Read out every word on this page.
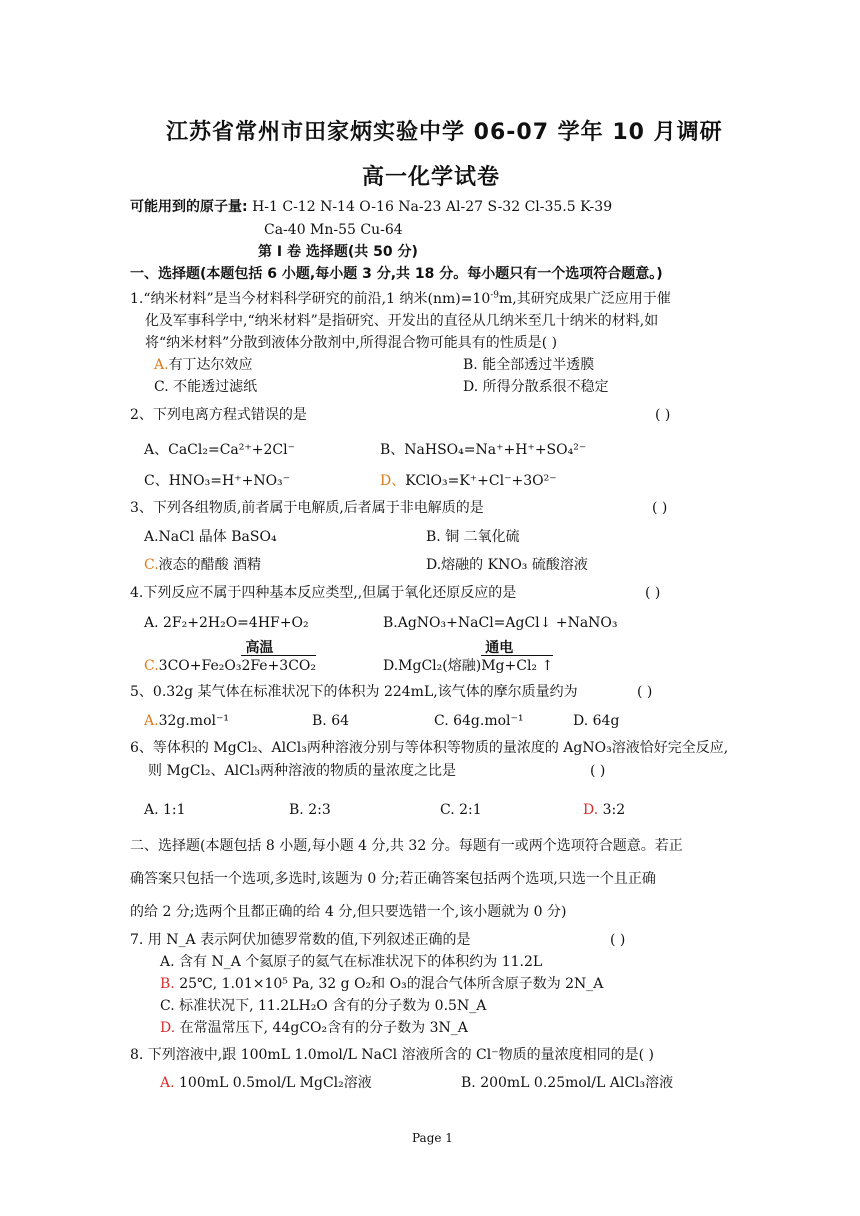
江苏省常州市田家炳实验中学 06-07 学年 10 月调研
高一化学试卷
可能用到的原子量: H-1 C-12 N-14 O-16 Na-23 Al-27 S-32 Cl-35.5 K-39
Ca-40 Mn-55 Cu-64
第 I 卷 选择题(共 50 分)
一、选择题(本题包括 6 小题,每小题 3 分,共 18 分。每小题只有一个选项符合题意。)
1.“纳米材料”是当今材料科学研究的前沿,1 纳米$(nm)=10^{-9}m$,其研究成果广泛应用于催
化及军事科学中,“纳米材料”是指研究、开发出的直径从几纳米至几十纳米的材料,如
将“纳米材料”分散到液体分散剂中,所得混合物可能具有的性质是( )
A.有丁达尔效应	B. 能全部透过半透膜
C. 不能透过滤纸	D. 所得分散系很不稳定
2、下列电离方程式错误的是	( )
A、CaCl₂=Ca²⁺+2Cl⁻	B、NaHSO₄=Na⁺+H⁺+SO₄²⁻
C、HNO₃=H⁺+NO₃⁻	D、KClO₃=K⁺+Cl⁻+3O²⁻
3、下列各组物质,前者属于电解质,后者属于非电解质的是	( )
A.NaCl 晶体 BaSO₄	B. 铜 二氧化硫
C.液态的醋酸 酒精	D.熔融的 KNO₃ 硫酸溶液
4.下列反应不属于四种基本反应类型,,但属于氧化还原反应的是	( )
A. 2F₂+2H₂O=4HF+O₂	B.AgNO₃+NaCl=AgCl↓ +NaNO₃
C.3CO+Fe₂O₃
高温
2Fe+3CO₂	D.MgCl₂(熔融)
通电
Mg+Cl₂ ↑
5、0.32g 某气体在标准状况下的体积为 224mL,该气体的摩尔质量约为	( )
A.32g.mol⁻¹	B. 64	C. 64g.mol⁻¹	D. 64g
6、等体积的 MgCl₂、AlCl₃两种溶液分别与等体积等物质的量浓度的 AgNO₃溶液恰好完全反应,
则 MgCl₂、AlCl₃两种溶液的物质的量浓度之比是	( )
A. 1:1	B. 2:3	C. 2:1	D. 3:2
二、选择题(本题包括 8 小题,每小题 4 分,共 32 分。每题有一或两个选项符合题意。若正
确答案只包括一个选项,多选时,该题为 0 分;若正确答案包括两个选项,只选一个且正确
的给 2 分;选两个且都正确的给 4 分,但只要选错一个,该小题就为 0 分)
7. 用 N_A 表示阿伏加德罗常数的值,下列叙述正确的是	( )
A. 含有 N_A 个氦原子的氦气在标准状况下的体积约为 11.2L
B. 25℃, 1.01×10⁵ Pa, 32 g O₂和 O₃的混合气体所含原子数为 2N_A
C. 标准状况下, 11.2LH₂O 含有的分子数为 0.5N_A
D. 在常温常压下, 44gCO₂含有的分子数为 3N_A
8. 下列溶液中,跟 100mL 1.0mol/L NaCl 溶液所含的 Cl⁻物质的量浓度相同的是( )
A. 100mL 0.5mol/L MgCl₂溶液	B. 200mL 0.25mol/L AlCl₃溶液
Page 1
